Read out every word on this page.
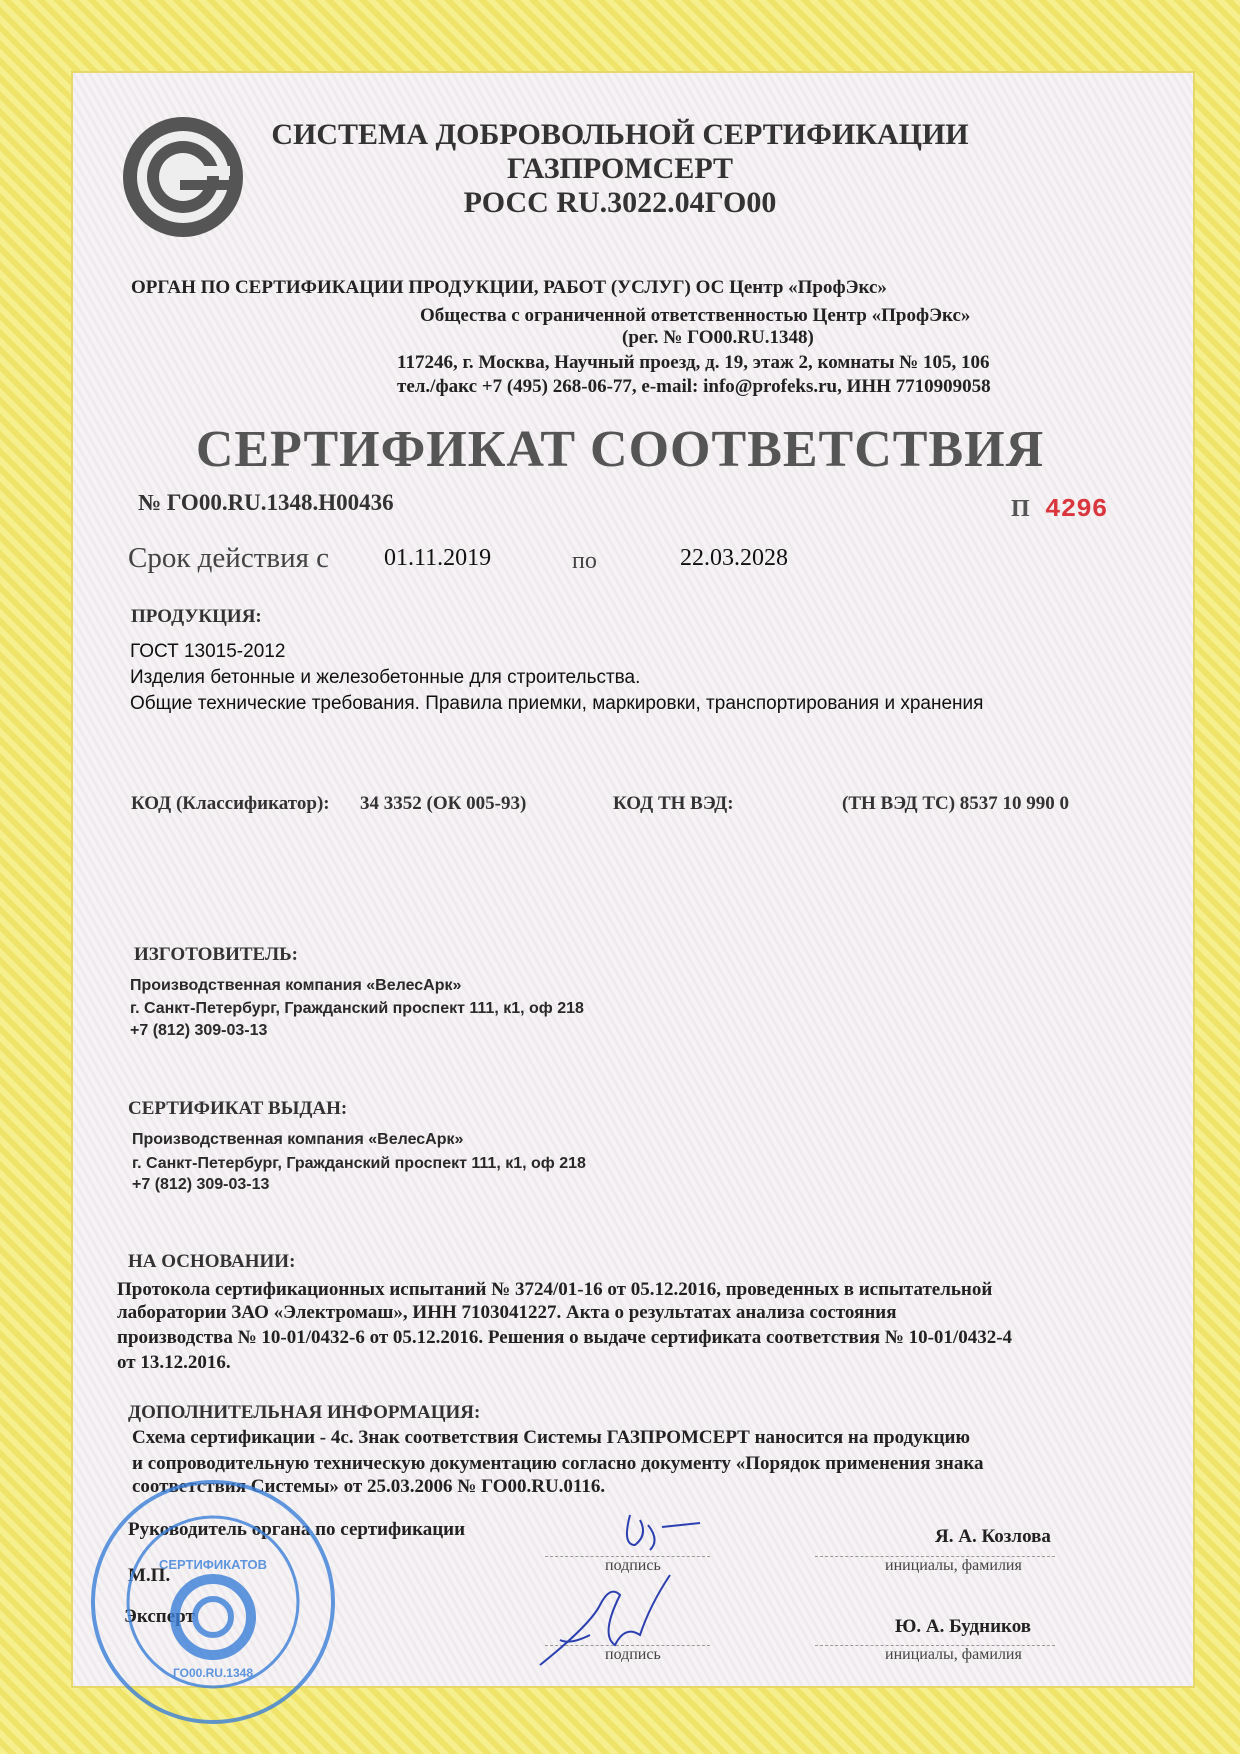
СИСТЕМА ДОБРОВОЛЬНОЙ СЕРТИФИКАЦИИ
ГАЗПРОМСЕРТ
РОСС RU.3022.04ГО00
ОРГАН ПО СЕРТИФИКАЦИИ ПРОДУКЦИИ, РАБОТ (УСЛУГ) ОС Центр «ПрофЭкс»
Общества с ограниченной ответственностью Центр «ПрофЭкс»
(рег. № ГО00.RU.1348)
117246, г. Москва, Научный проезд, д. 19, этаж 2, комнаты № 105, 106
тел./факс +7 (495) 268-06-77, e-mail: info@profeks.ru, ИНН 7710909058
СЕРТИФИКАТ СООТВЕТСТВИЯ
№ ГО00.RU.1348.Н00436	П 4296
Срок действия с 01.11.2019	по	22.03.2028
ПРОДУКЦИЯ:
ГОСТ 13015-2012
Изделия бетонные и железобетонные для строительства.
Общие технические требования. Правила приемки, маркировки, транспортирования и хранения
КОД (Классификатор): 34 3352 (ОК 005-93)	КОД ТН ВЭД:	(ТН ВЭД ТС) 8537 10 990 0
ИЗГОТОВИТЕЛЬ:
Производственная компания «ВелесАрк»
г. Санкт-Петербург, Гражданский проспект 111, к1, оф 218
+7 (812) 309-03-13
СЕРТИФИКАТ ВЫДАН:
Производственная компания «ВелесАрк»
г. Санкт-Петербург, Гражданский проспект 111, к1, оф 218
+7 (812) 309-03-13
НА ОСНОВАНИИ:
Протокола сертификационных испытаний № 3724/01-16 от 05.12.2016, проведенных в испытательной
лаборатории ЗАО «Электромаш», ИНН 7103041227. Акта о результатах анализа состояния
производства № 10-01/0432-6 от 05.12.2016. Решения о выдаче сертификата соответствия № 10-01/0432-4
от 13.12.2016.
ДОПОЛНИТЕЛЬНАЯ ИНФОРМАЦИЯ:
Схема сертификации - 4с. Знак соответствия Системы ГАЗПРОМСЕРТ наносится на продукцию
и сопроводительную техническую документацию согласно документу «Порядок применения знака
соответствия Системы» от 25.03.2006 № ГО00.RU.0116.
Руководитель органа по сертификации
подпись
Я. А. Козлова
инициалы, фамилия
М.П.
Эксперт
подпись
Ю. А. Будников
инициалы, фамилия
СЕРТИФИКАТОВ
ГО00.RU.1348
